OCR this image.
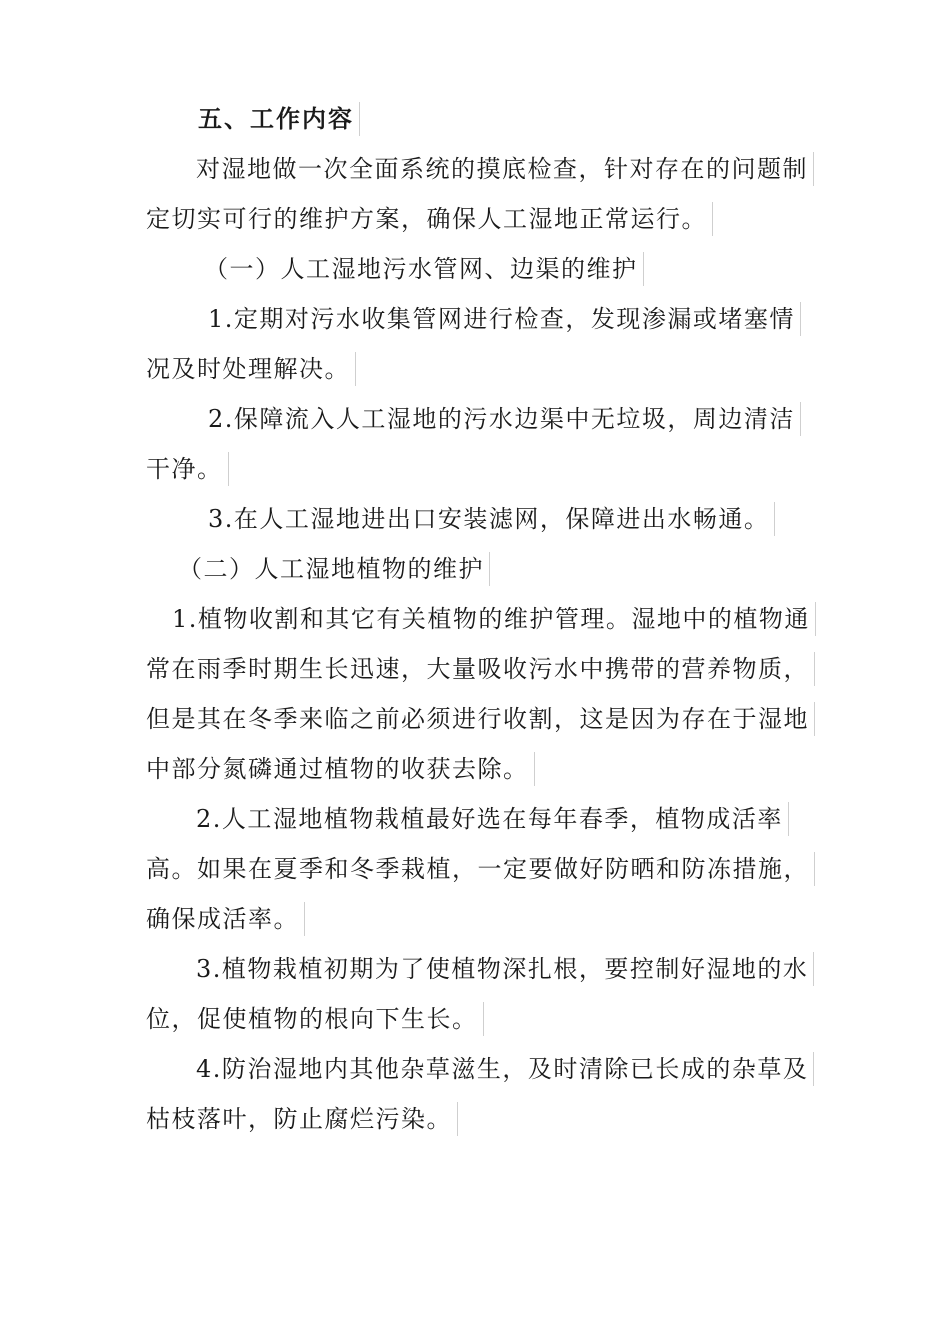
五、工作内容
对湿地做一次全面系统的摸底检查，针对存在的问题制
定切实可行的维护方案，确保人工湿地正常运行。
（一）人工湿地污水管网、边渠的维护
1.定期对污水收集管网进行检查，发现渗漏或堵塞情
况及时处理解决。
2.保障流入人工湿地的污水边渠中无垃圾，周边清洁
干净。
3.在人工湿地进出口安装滤网，保障进出水畅通。
（二）人工湿地植物的维护
1.植物收割和其它有关植物的维护管理。湿地中的植物通
常在雨季时期生长迅速，大量吸收污水中携带的营养物质，
但是其在冬季来临之前必须进行收割，这是因为存在于湿地
中部分氮磷通过植物的收获去除。
2.人工湿地植物栽植最好选在每年春季，植物成活率
高。如果在夏季和冬季栽植，一定要做好防晒和防冻措施，
确保成活率。
3.植物栽植初期为了使植物深扎根，要控制好湿地的水
位，促使植物的根向下生长。
4.防治湿地内其他杂草滋生，及时清除已长成的杂草及
枯枝落叶，防止腐烂污染。
